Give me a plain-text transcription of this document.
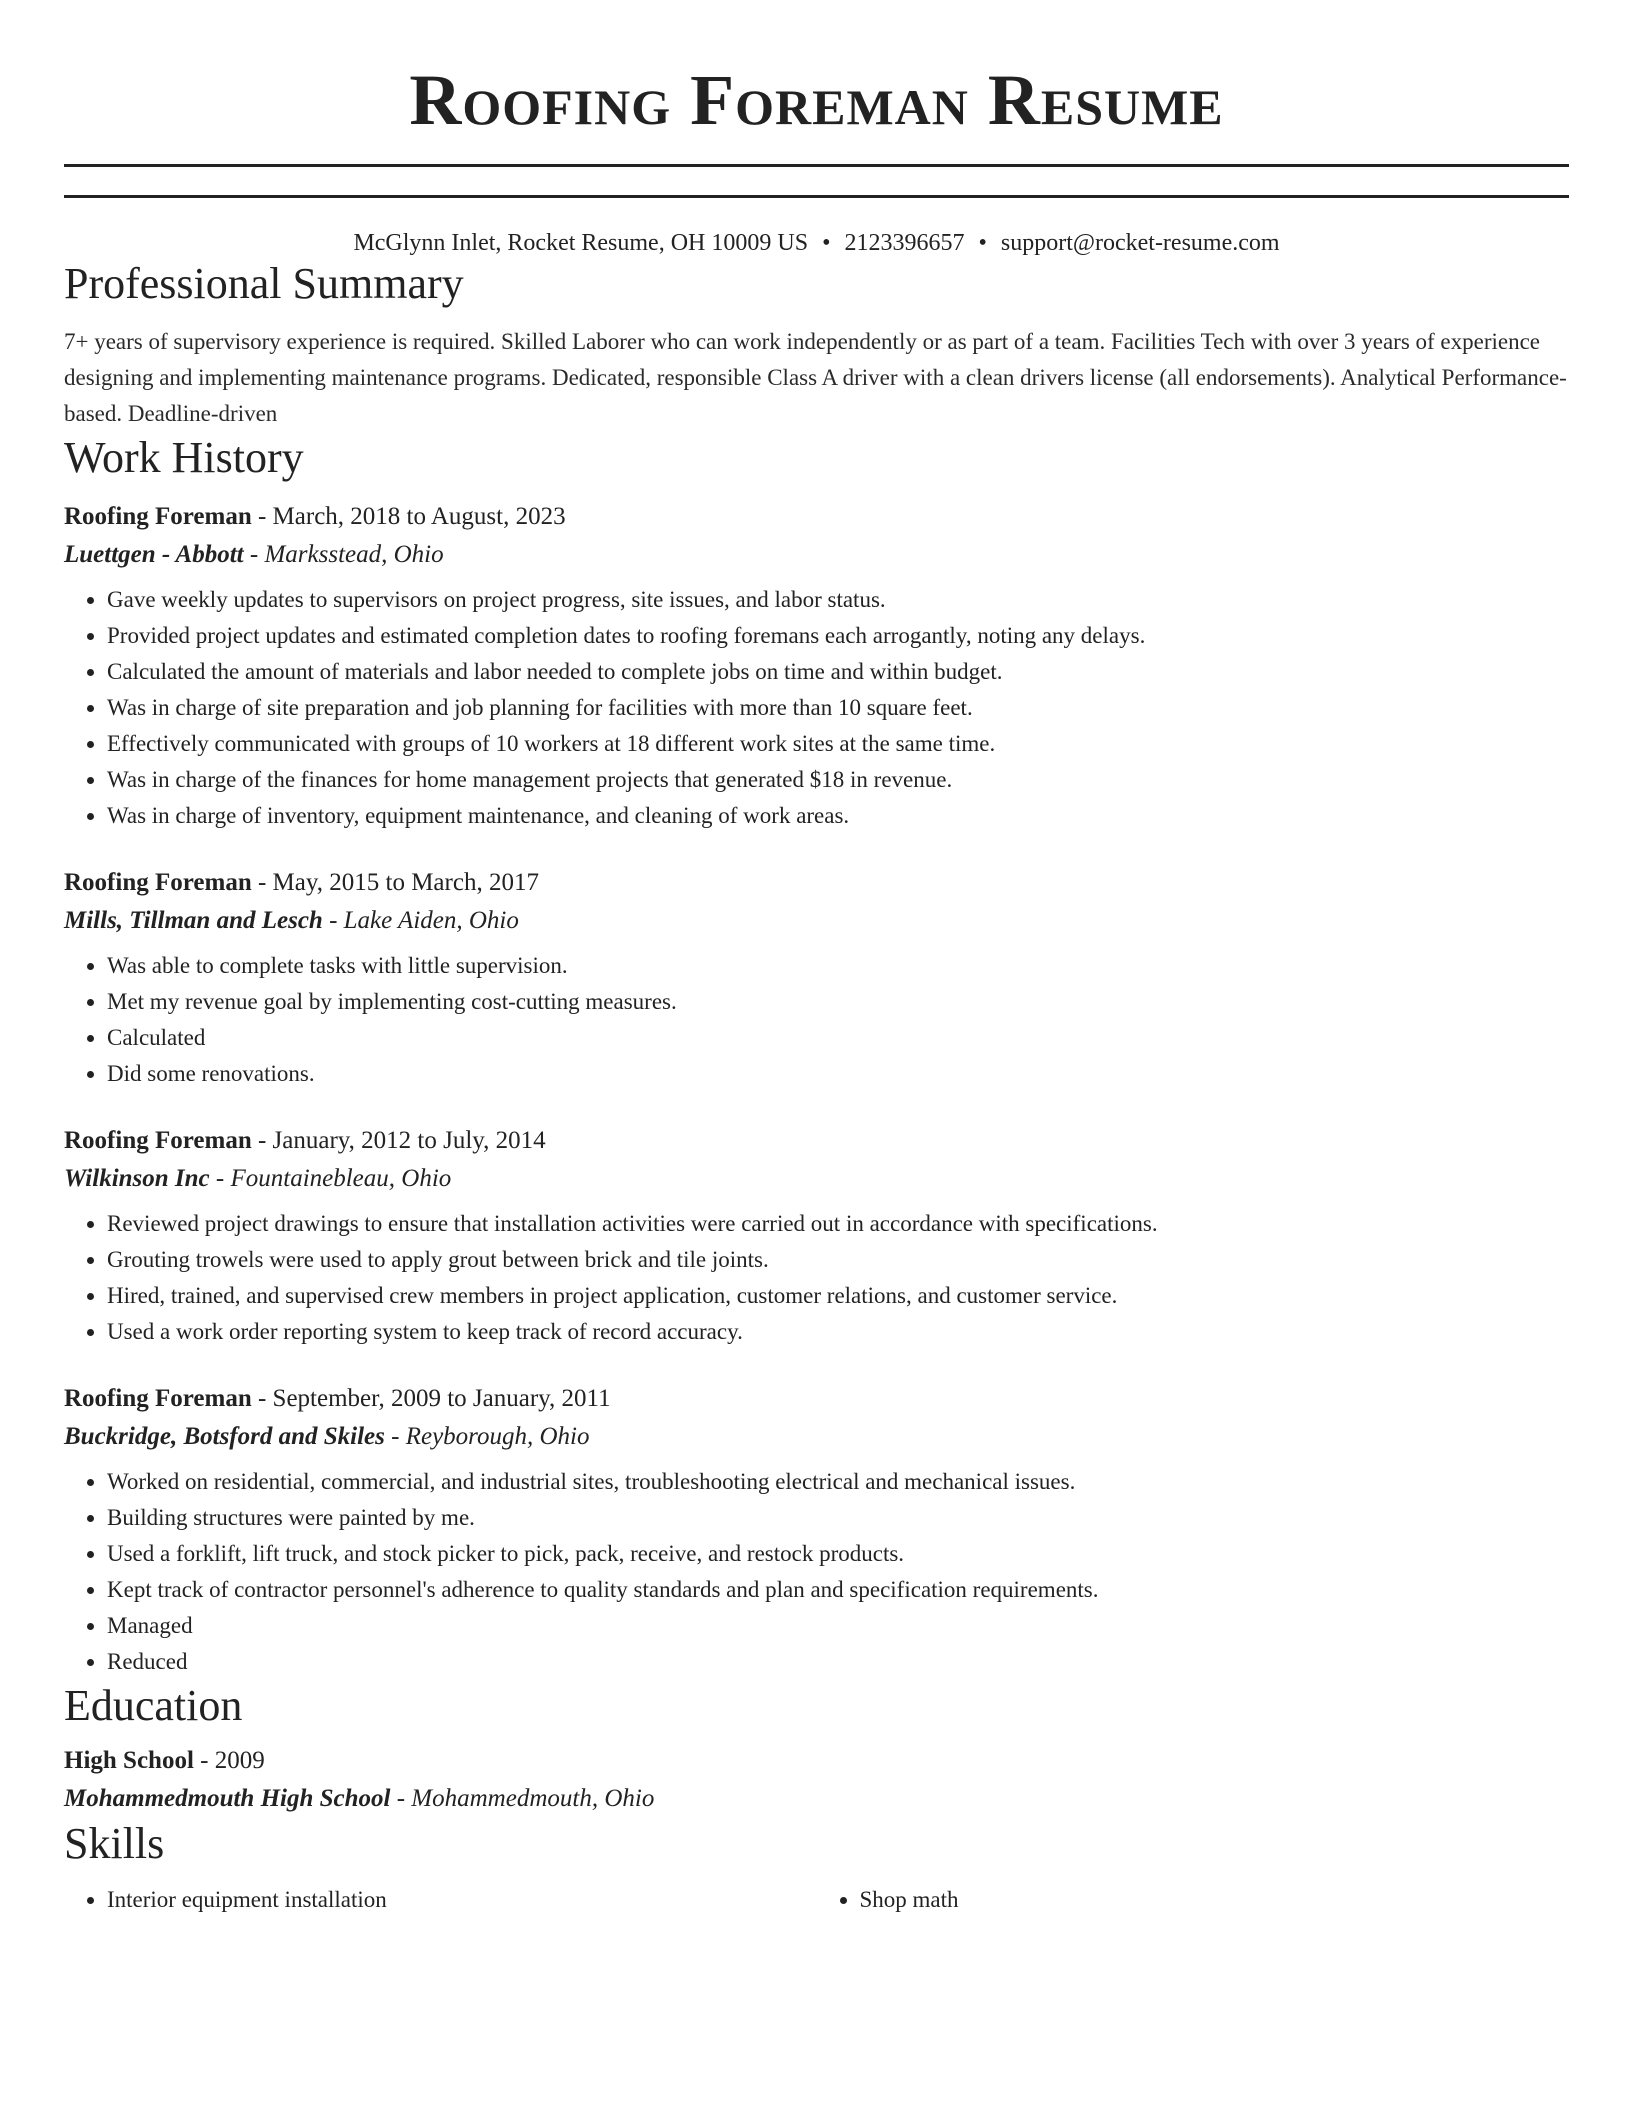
Roofing Foreman Resume
McGlynn Inlet, Rocket Resume, OH 10009 US • 2123396657 • support@rocket-resume.com
Professional Summary
7+ years of supervisory experience is required. Skilled Laborer who can work independently or as part of a team. Facilities Tech with over 3 years of experience designing and implementing maintenance programs. Dedicated, responsible Class A driver with a clean drivers license (all endorsements). Analytical Performance-based. Deadline-driven
Work History
Roofing Foreman - March, 2018 to August, 2023
Luettgen - Abbott - Marksstead, Ohio
• Gave weekly updates to supervisors on project progress, site issues, and labor status.
• Provided project updates and estimated completion dates to roofing foremans each arrogantly, noting any delays.
• Calculated the amount of materials and labor needed to complete jobs on time and within budget.
• Was in charge of site preparation and job planning for facilities with more than 10 square feet.
• Effectively communicated with groups of 10 workers at 18 different work sites at the same time.
• Was in charge of the finances for home management projects that generated $18 in revenue.
• Was in charge of inventory, equipment maintenance, and cleaning of work areas.
Roofing Foreman - May, 2015 to March, 2017
Mills, Tillman and Lesch - Lake Aiden, Ohio
• Was able to complete tasks with little supervision.
• Met my revenue goal by implementing cost-cutting measures.
• Calculated
• Did some renovations.
Roofing Foreman - January, 2012 to July, 2014
Wilkinson Inc - Fountainebleau, Ohio
• Reviewed project drawings to ensure that installation activities were carried out in accordance with specifications.
• Grouting trowels were used to apply grout between brick and tile joints.
• Hired, trained, and supervised crew members in project application, customer relations, and customer service.
• Used a work order reporting system to keep track of record accuracy.
Roofing Foreman - September, 2009 to January, 2011
Buckridge, Botsford and Skiles - Reyborough, Ohio
• Worked on residential, commercial, and industrial sites, troubleshooting electrical and mechanical issues.
• Building structures were painted by me.
• Used a forklift, lift truck, and stock picker to pick, pack, receive, and restock products.
• Kept track of contractor personnel's adherence to quality standards and plan and specification requirements.
• Managed
• Reduced
Education
High School - 2009
Mohammedmouth High School - Mohammedmouth, Ohio
Skills
• Interior equipment installation
•	Shop math
